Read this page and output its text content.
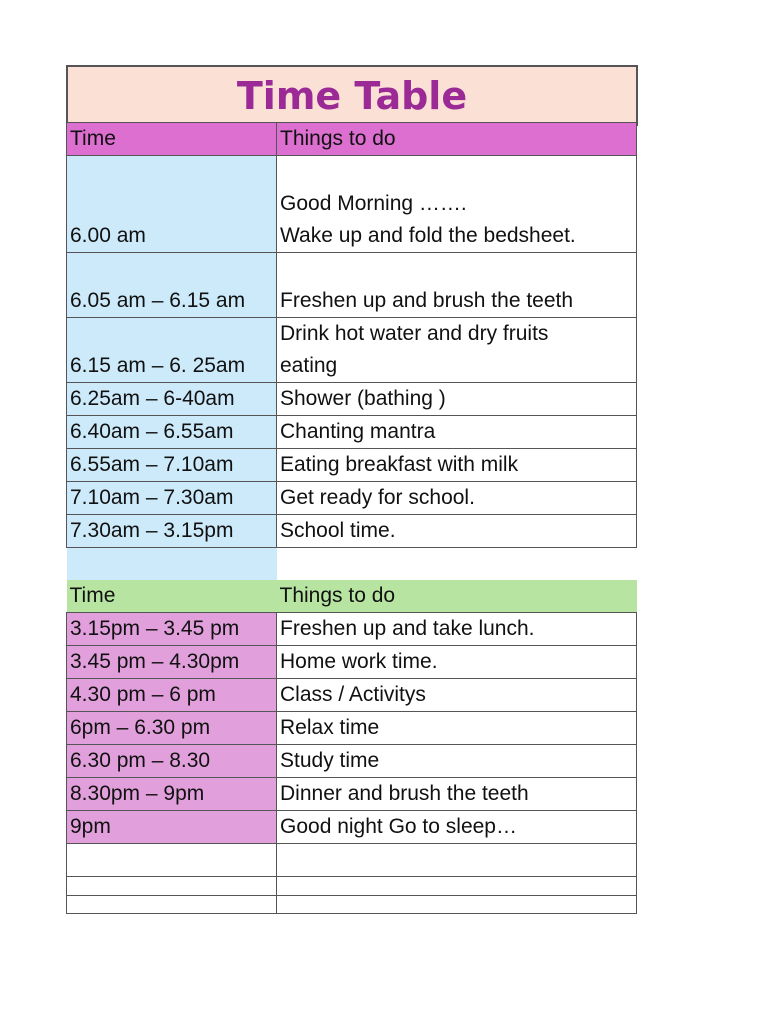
Time Table
Time	Things to do
6.00 am	Good Morning …….
Wake up and fold the bedsheet.

6.05 am – 6.15 am	Freshen up and brush the teeth
6.15 am – 6. 25am	Drink hot water and dry fruits
eating

6.25am – 6-40am	Shower (bathing )
6.40am – 6.55am	Chanting mantra
6.55am – 7.10am	Eating breakfast with milk
7.10am – 7.30am	Get ready for school.
7.30am – 3.15pm	School time.

Time	Things to do
3.15pm – 3.45 pm	Freshen up and take lunch.
3.45 pm – 4.30pm	Home work time.
4.30 pm – 6 pm	Class / Activitys
6pm – 6.30 pm	Relax time
6.30 pm – 8.30	Study time
8.30pm – 9pm	Dinner and brush the teeth
9pm	Good night Go to sleep…
